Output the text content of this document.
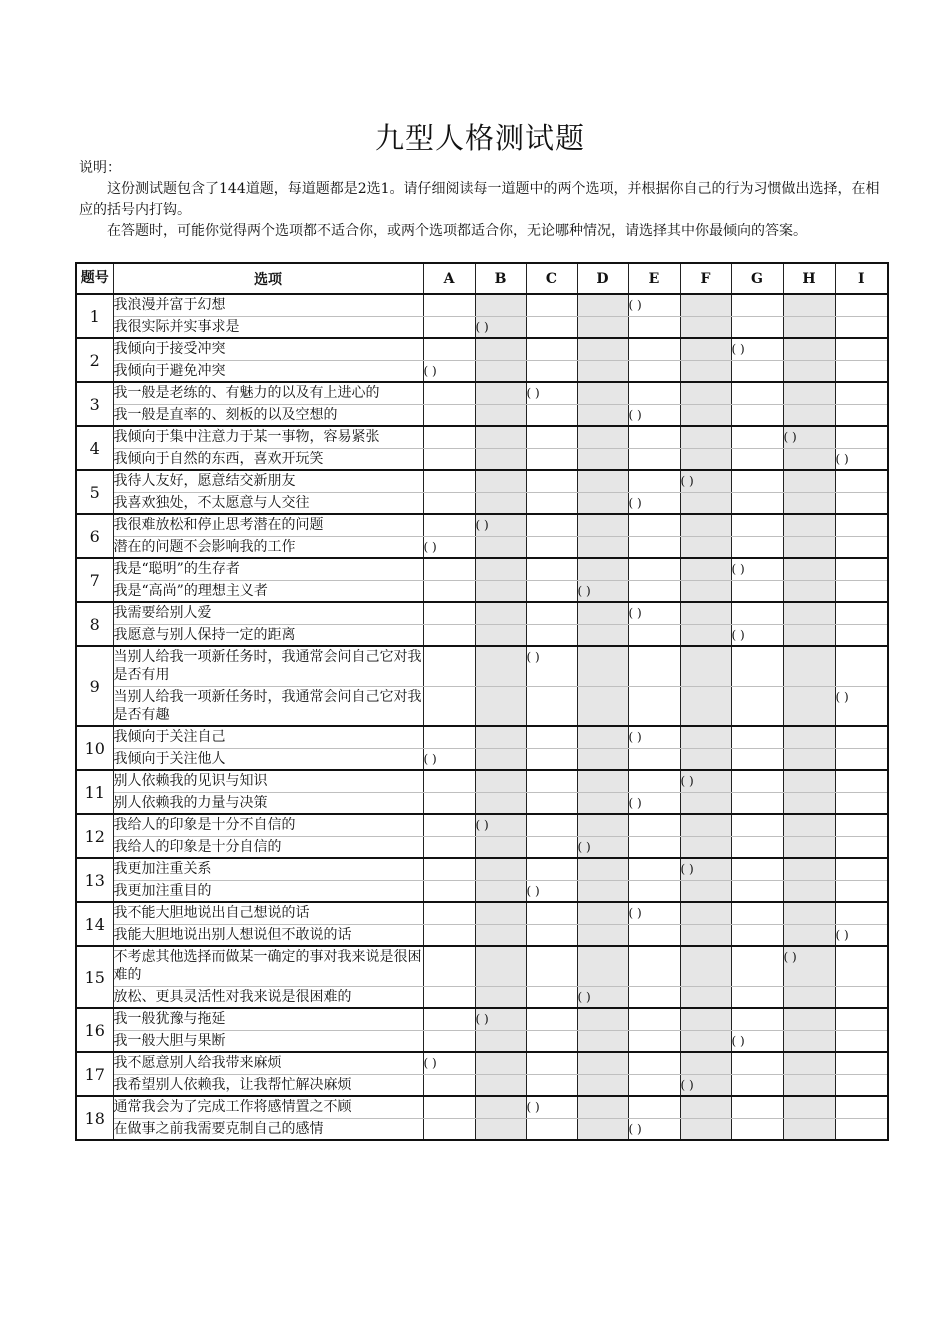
九型人格测试题

说明：

这份测试题包含了144道题，每道题都是2选1。请仔细阅读每一道题中的两个选项，并根据你自己的行为习惯做出选择，在相应的括号内打钩。

在答题时，可能你觉得两个选项都不适合你，或两个选项都适合你，无论哪种情况，请选择其中你最倾向的答案。

题号	选项	A	B	C	D	E	F	G	H	I
1	我浪漫并富于幻想					( )				
	我很实际并实事求是		( )							
2	我倾向于接受冲突							( )		
	我倾向于避免冲突	( )								
3	我一般是老练的、有魅力的以及有上进心的			( )						
	我一般是直率的、刻板的以及空想的					( )				
4	我倾向于集中注意力于某一事物，容易紧张								( )	
	我倾向于自然的东西，喜欢开玩笑									( )
5	我待人友好，愿意结交新朋友						( )			
	我喜欢独处，不太愿意与人交往					( )				
6	我很难放松和停止思考潜在的问题		( )							
	潜在的问题不会影响我的工作	( )								
7	我是“聪明”的生存者							( )		
	我是“高尚”的理想主义者				( )					
8	我需要给别人爱					( )				
	我愿意与别人保持一定的距离							( )		
9	当别人给我一项新任务时，我通常会问自己它对我是否有用			( )						
	当别人给我一项新任务时，我通常会问自己它对我是否有趣									( )
10	我倾向于关注自己					( )				
	我倾向于关注他人	( )								
11	别人依赖我的见识与知识						( )			
	别人依赖我的力量与决策					( )				
12	我给人的印象是十分不自信的		( )							
	我给人的印象是十分自信的				( )					
13	我更加注重关系						( )			
	我更加注重目的			( )						
14	我不能大胆地说出自己想说的话					( )				
	我能大胆地说出别人想说但不敢说的话									( )
15	不考虑其他选择而做某一确定的事对我来说是很困难的								( )	
	放松、更具灵活性对我来说是很困难的				( )					
16	我一般犹豫与拖延		( )							
	我一般大胆与果断							( )		
17	我不愿意别人给我带来麻烦	( )								
	我希望别人依赖我，让我帮忙解决麻烦						( )			
18	通常我会为了完成工作将感情置之不顾			( )						
	在做事之前我需要克制自己的感情					( )				
